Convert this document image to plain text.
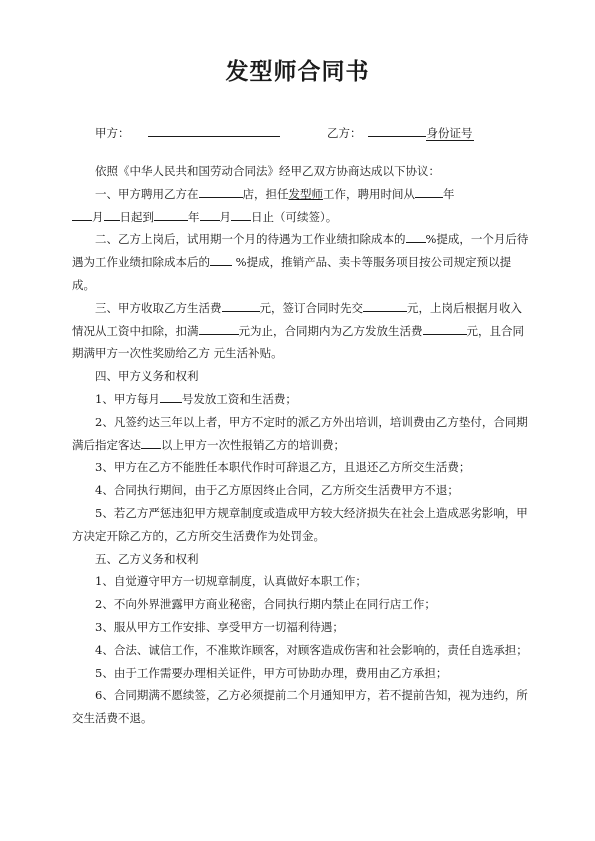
发型师合同书
甲方：	乙方：	身份证号

依照《中华人民共和国劳动合同法》经甲乙双方协商达成以下协议：

一、甲方聘用乙方在	店，担任发型师工作，聘用时间从 年
月 日起到	年 月 日止（可续签）。

二、乙方上岗后，试用期一个月的待遇为工作业绩扣除成本的 %提成，一个月后待遇为工作业绩扣除成本后的 %提成，推销产品、卖卡等服务项目按公司规定预以提成。

三、甲方收取乙方生活费	元，签订合同时先交	元，上岗后根据月收入情况从工资中扣除，扣满	元为止，合同期内为乙方发放生活费	元，且合同期满甲方一次性奖励给乙方 元生活补贴。

四、甲方义务和权利

1、甲方每月 号发放工资和生活费；

2、凡签约达三年以上者，甲方不定时的派乙方外出培训，培训费由乙方垫付，合同期满后指定客达 以上甲方一次性报销乙方的培训费；

3、甲方在乙方不能胜任本职代作时可辞退乙方，且退还乙方所交生活费；

4、合同执行期间，由于乙方原因终止合同，乙方所交生活费甲方不退；

5、若乙方严惩违犯甲方规章制度或造成甲方较大经济损失在社会上造成恶劣影响，甲方决定开除乙方的，乙方所交生活费作为处罚金。

五、乙方义务和权利

1、自觉遵守甲方一切规章制度，认真做好本职工作；

2、不向外界泄露甲方商业秘密，合同执行期内禁止在同行店工作；

3、服从甲方工作安排、享受甲方一切福利待遇；

4、合法、诚信工作，不准欺诈顾客，对顾客造成伤害和社会影响的，责任自选承担；

5、由于工作需要办理相关证件，甲方可协助办理，费用由乙方承担；

6、合同期满不愿续签，乙方必须提前二个月通知甲方，若不提前告知，视为违约，所交生活费不退。
